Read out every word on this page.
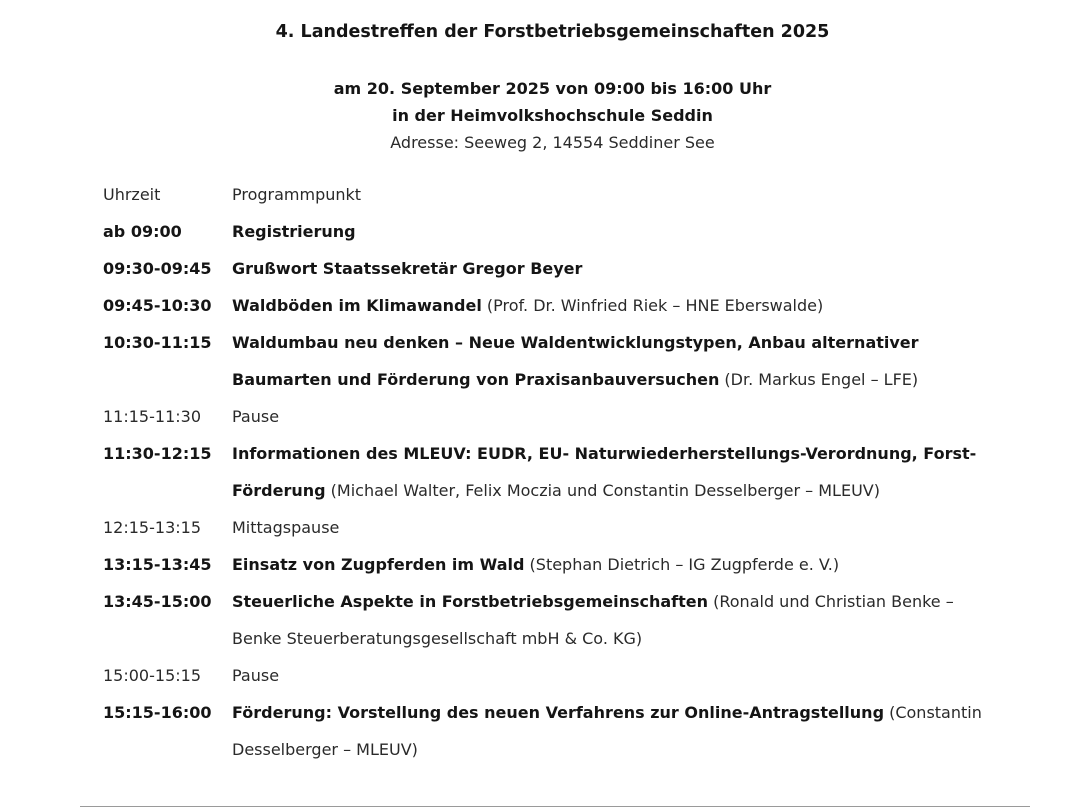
4. Landestreffen der Forstbetriebsgemeinschaften 2025
am 20. September 2025 von 09:00 bis 16:00 Uhr
in der Heimvolkshochschule Seddin
Adresse: Seeweg 2, 14554 Seddiner See
Uhrzeit	Programmpunkt
ab 09:00	Registrierung
09:30-09:45	Grußwort Staatssekretär Gregor Beyer
09:45-10:30	Waldböden im Klimawandel (Prof. Dr. Winfried Riek – HNE Eberswalde)
10:30-11:15	Waldumbau neu denken – Neue Waldentwicklungstypen, Anbau alternativer Baumarten und Förderung von Praxisanbauversuchen (Dr. Markus Engel – LFE)
11:15-11:30	Pause
11:30-12:15	Informationen des MLEUV: EUDR, EU- Naturwiederherstellungs-Verordnung, Forst-Förderung (Michael Walter, Felix Moczia und Constantin Desselberger – MLEUV)
12:15-13:15	Mittagspause
13:15-13:45	Einsatz von Zugpferden im Wald (Stephan Dietrich – IG Zugpferde e. V.)
13:45-15:00	Steuerliche Aspekte in Forstbetriebsgemeinschaften (Ronald und Christian Benke – Benke Steuerberatungsgesellschaft mbH & Co. KG)
15:00-15:15	Pause
15:15-16:00	Förderung: Vorstellung des neuen Verfahrens zur Online-Antragstellung (Constantin Desselberger – MLEUV)
